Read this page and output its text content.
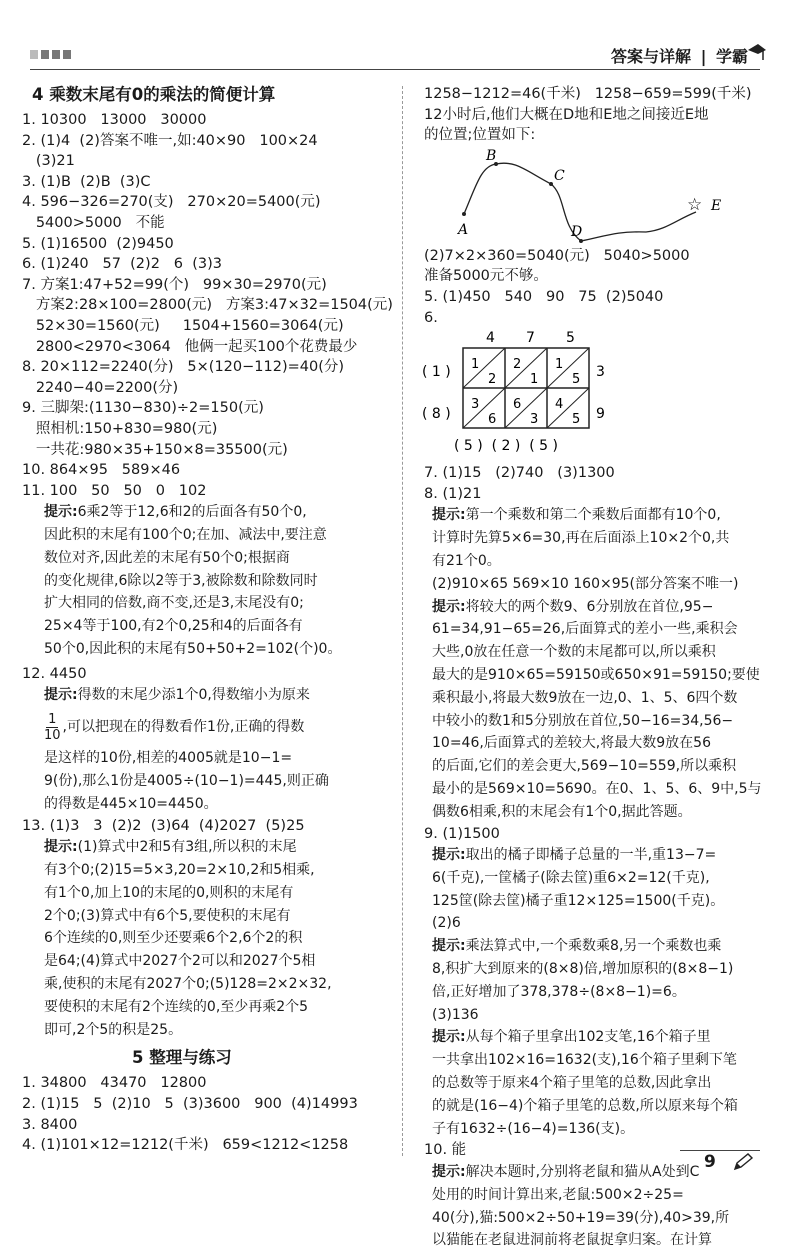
答案与详解 | 学霸
4 乘数末尾有0的乘法的简便计算
1. 10300   13000   30000
2. (1)4  (2)答案不唯一,如:40×90   100×24
(3)21
3. (1)B  (2)B  (3)C
4. 596−326=270(支)   270×20=5400(元)
5400>5000   不能
5. (1)16500  (2)9450
6. (1)240   57  (2)2   6  (3)3
7. 方案1:47+52=99(个)   99×30=2970(元)
方案2:28×100=2800(元)   方案3:47×32=1504(元)
52×30=1560(元)     1504+1560=3064(元)
2800<2970<3064   他俩一起买100个花费最少
8. 20×112=2240(分)   5×(120−112)=40(分)
2240−40=2200(分)
9. 三脚架:(1130−830)÷2=150(元)
照相机:150+830=980(元)
一共花:980×35+150×8=35500(元)
10. 864×95   589×46
11. 100   50   50   0   102
提示:6乘2等于12,6和2的后面各有50个0,
因此积的末尾有100个0;在加、减法中,要注意
数位对齐,因此差的末尾有50个0;根据商
的变化规律,6除以2等于3,被除数和除数同时
扩大相同的倍数,商不变,还是3,末尾没有0;
25×4等于100,有2个0,25和4的后面各有
50个0,因此积的末尾有50+50+2=102(个)0。
12. 4450
提示:得数的末尾少添1个0,得数缩小为原来
$\frac{1}{10}$ ,可以把现在的得数看作1份,正确的得数
是这样的10份,相差的4005就是10−1=
9(份),那么1份是4005÷(10−1)=445,则正确
的得数是445×10=4450。
13. (1)3   3  (2)2  (3)64  (4)2027  (5)25
提示:(1)算式中2和5有3组,所以积的末尾
有3个0;(2)15=5×3,20=2×10,2和5相乘,
有1个0,加上10的末尾的0,则积的末尾有
2个0;(3)算式中有6个5,要使积的末尾有
6个连续的0,则至少还要乘6个2,6个2的积
是64;(4)算式中2027个2可以和2027个5相
乘,使积的末尾有2027个0;(5)128=2×2×32,
要使积的末尾有2个连续的0,至少再乘2个5
即可,2个5的积是25。
5 整理与练习
1. 34800   43470   12800
2. (1)15   5  (2)10   5  (3)3600   900  (4)14993
3. 8400
4. (1)101×12=1212(千米)   659<1212<1258
1258−1212=46(千米)   1258−659=599(千米)
12小时后,他们大概在D地和E地之间接近E地
的位置;位置如下:
A
B
C
D
E
☆
(2)7×2×360=5040(元)   5040>5000
准备5000元不够。
5. (1)450   540   90   75  (2)5040
6.
4 7 5
( 1 )
( 8 )
3
9
1
2
2
1
1
5
3
6
6
3
4
5
( 5 )  ( 2 )  ( 5 )
7. (1)15   (2)740   (3)1300
8. (1)21
提示:第一个乘数和第二个乘数后面都有10个0,
计算时先算5×6=30,再在后面添上10×2个0,共
有21个0。
(2)910×65 569×10 160×95(部分答案不唯一)
提示:将较大的两个数9、6分别放在首位,95−
61=34,91−65=26,后面算式的差小一些,乘积会
大些,0放在任意一个数的末尾都可以,所以乘积
最大的是910×65=59150或650×91=59150;要使
乘积最小,将最大数9放在一边,0、1、5、6四个数
中较小的数1和5分别放在首位,50−16=34,56−
10=46,后面算式的差较大,将最大数9放在56
的后面,它们的差会更大,569−10=559,所以乘积
最小的是569×10=5690。在0、1、5、6、9中,5与
偶数6相乘,积的末尾会有1个0,据此答题。
9. (1)1500
提示:取出的橘子即橘子总量的一半,重13−7=
6(千克),一筐橘子(除去筐)重6×2=12(千克),
125筐(除去筐)橘子重12×125=1500(千克)。
(2)6
提示:乘法算式中,一个乘数乘8,另一个乘数也乘
8,积扩大到原来的(8×8)倍,增加原积的(8×8−1)
倍,正好增加了378,378÷(8×8−1)=6。
(3)136
提示:从每个箱子里拿出102支笔,16个箱子里
一共拿出102×16=1632(支),16个箱子里剩下笔
的总数等于原来4个箱子里笔的总数,因此拿出
的就是(16−4)个箱子里笔的总数,所以原来每个箱
子有1632÷(16−4)=136(支)。
10. 能
提示:解决本题时,分别将老鼠和猫从A处到C
处用的时间计算出来,老鼠:500×2÷25=
40(分),猫:500×2÷50+19=39(分),40>39,所
以猫能在老鼠进洞前将老鼠捉拿归案。在计算
9
